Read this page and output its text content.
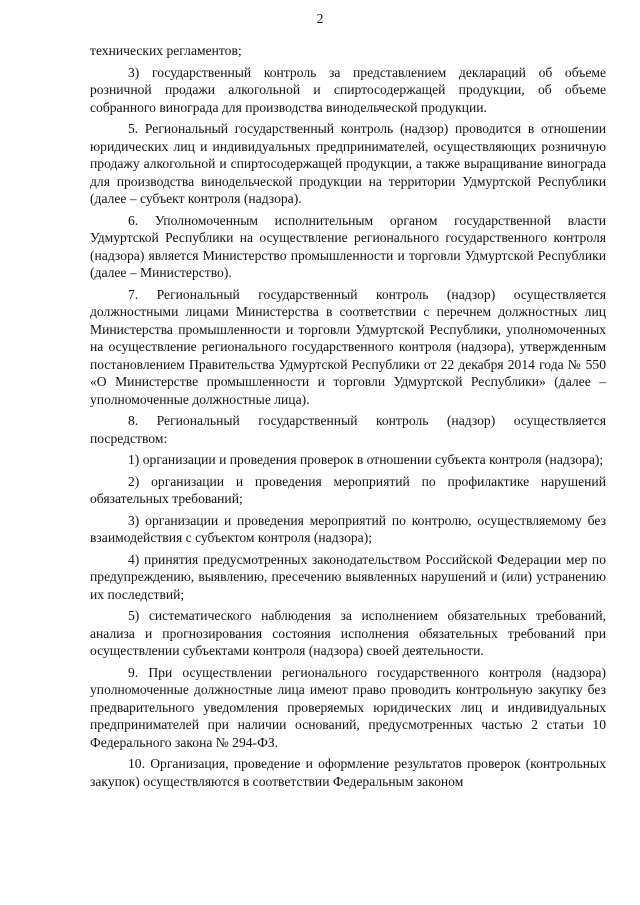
2

технических регламентов;

3) государственный контроль за представлением деклараций об объеме розничной продажи алкогольной и спиртосодержащей продукции, об объеме собранного винограда для производства винодельческой продукции.

5. Региональный государственный контроль (надзор) проводится в отношении юридических лиц и индивидуальных предпринимателей, осуществляющих розничную продажу алкогольной и спиртосодержащей продукции, а также выращивание винограда для производства винодельческой продукции на территории Удмуртской Республики (далее – субъект контроля (надзора).

6. Уполномоченным исполнительным органом государственной власти Удмуртской Республики на осуществление регионального государственного контроля (надзора) является Министерство промышленности и торговли Удмуртской Республики (далее – Министерство).

7. Региональный государственный контроль (надзор) осуществляется должностными лицами Министерства в соответствии с перечнем должностных лиц Министерства промышленности и торговли Удмуртской Республики, уполномоченных на осуществление регионального государственного контроля (надзора), утвержденным постановлением Правительства Удмуртской Республики от 22 декабря 2014 года № 550 «О Министерстве промышленности и торговли Удмуртской Республики» (далее – уполномоченные должностные лица).

8. Региональный государственный контроль (надзор) осуществляется посредством:

1) организации и проведения проверок в отношении субъекта контроля (надзора);

2) организации и проведения мероприятий по профилактике нарушений обязательных требований;

3) организации и проведения мероприятий по контролю, осуществляемому без взаимодействия с субъектом контроля (надзора);

4) принятия предусмотренных законодательством Российской Федерации мер по предупреждению, выявлению, пресечению выявленных нарушений и (или) устранению их последствий;

5) систематического наблюдения за исполнением обязательных требований, анализа и прогнозирования состояния исполнения обязательных требований при осуществлении субъектами контроля (надзора) своей деятельности.

9. При осуществлении регионального государственного контроля (надзора) уполномоченные должностные лица имеют право проводить контрольную закупку без предварительного уведомления проверяемых юридических лиц и индивидуальных предпринимателей при наличии оснований, предусмотренных частью 2 статьи 10 Федерального закона № 294-ФЗ.

10. Организация, проведение и оформление результатов проверок (контрольных закупок) осуществляются в соответствии Федеральным законом
